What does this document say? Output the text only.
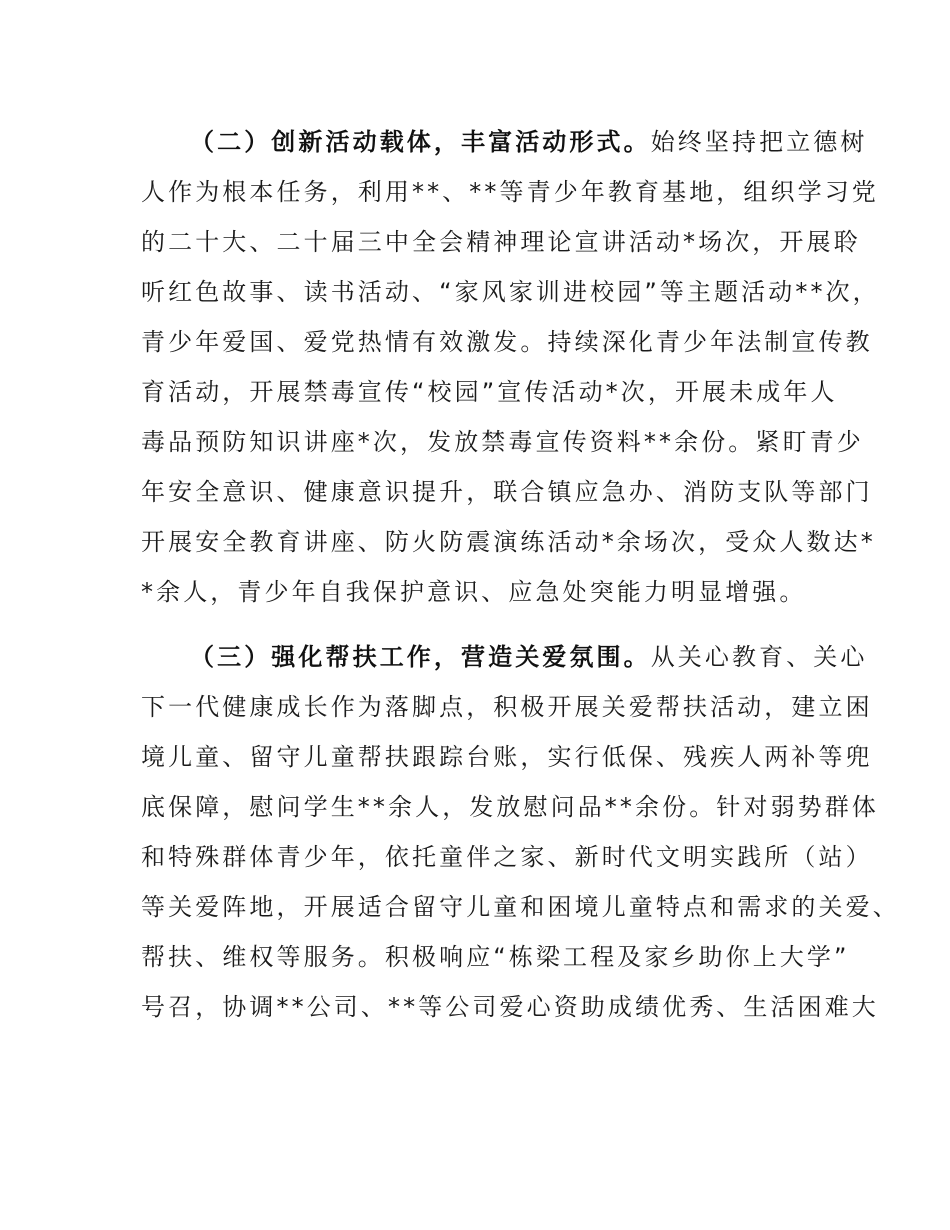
（二）创新活动载体，丰富活动形式。始终坚持把立德树
人作为根本任务，利用**、**等青少年教育基地，组织学习党
的二十大、二十届三中全会精神理论宣讲活动*场次，开展聆
听红色故事、读书活动、“家风家训进校园”等主题活动**次，
青少年爱国、爱党热情有效激发。持续深化青少年法制宣传教
育活动，开展禁毒宣传“校园”宣传活动*次，开展未成年人
毒品预防知识讲座*次，发放禁毒宣传资料**余份。紧盯青少
年安全意识、健康意识提升，联合镇应急办、消防支队等部门
开展安全教育讲座、防火防震演练活动*余场次，受众人数达*
*余人，青少年自我保护意识、应急处突能力明显增强。
（三）强化帮扶工作，营造关爱氛围。从关心教育、关心
下一代健康成长作为落脚点，积极开展关爱帮扶活动，建立困
境儿童、留守儿童帮扶跟踪台账，实行低保、残疾人两补等兜
底保障，慰问学生**余人，发放慰问品**余份。针对弱势群体
和特殊群体青少年，依托童伴之家、新时代文明实践所（站）
等关爱阵地，开展适合留守儿童和困境儿童特点和需求的关爱、
帮扶、维权等服务。积极响应“栋梁工程及家乡助你上大学”
号召，协调**公司、**等公司爱心资助成绩优秀、生活困难大
